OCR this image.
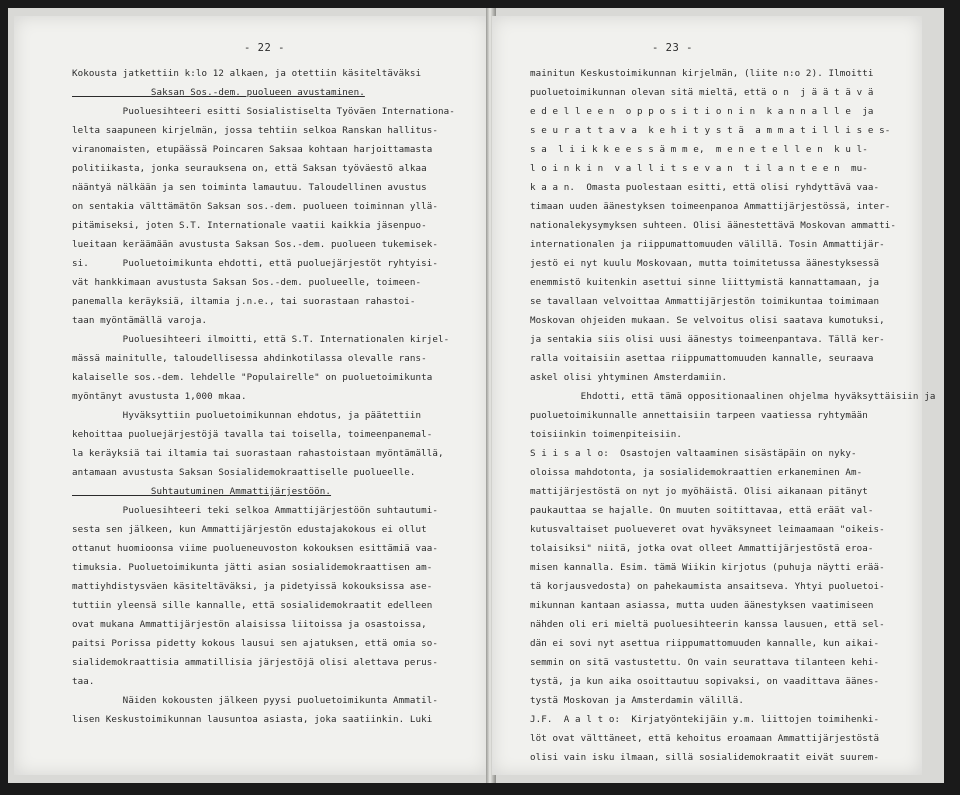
- 22 -
Kokousta jatkettiin k:lo 12 alkaen, ja otettiin käsiteltäväksi
Saksan Sos.-dem. puolueen avustaminen.
Puoluesihteeri esitti Sosialistiselta Työväen Internationa-
lelta saapuneen kirjelmän, jossa tehtiin selkoa Ranskan hallitus-
viranomaisten, etupäässä Poincaren Saksaa kohtaan harjoittamasta
politiikasta, jonka seurauksena on, että Saksan työväestö alkaa
nääntyä nälkään ja sen toiminta lamautuu. Taloudellinen avustus
on sentakia välttämätön Saksan sos.-dem. puolueen toiminnan yllä-
pitämiseksi, joten S.T. Internationale vaatii kaikkia jäsenpuo-
lueitaan keräämään avustusta Saksan Sos.-dem. puolueen tukemisek-
si.      Puoluetoimikunta ehdotti, että puoluejärjestöt ryhtyisi-
vät hankkimaan avustusta Saksan Sos.-dem. puolueelle, toimeen-
panemalla keräyksiä, iltamia j.n.e., tai suorastaan rahastoi-
taan myöntämällä varoja.
Puoluesihteeri ilmoitti, että S.T. Internationalen kirjel-
mässä mainitulle, taloudellisessa ahdinkotilassa olevalle rans-
kalaiselle sos.-dem. lehdelle "Populairelle" on puoluetoimikunta
myöntänyt avustusta 1,000 mkaa.
Hyväksyttiin puoluetoimikunnan ehdotus, ja päätettiin
kehoittaa puoluejärjestöjä tavalla tai toisella, toimeenpanemal-
la keräyksiä tai iltamia tai suorastaan rahastoistaan myöntämällä,
antamaan avustusta Saksan Sosialidemokraattiselle puolueelle.
Suhtautuminen Ammattijärjestöön.
Puoluesihteeri teki selkoa Ammattijärjestöön suhtautumi-
sesta sen jälkeen, kun Ammattijärjestön edustajakokous ei ollut
ottanut huomioonsa viime puolueneuvoston kokouksen esittämiä vaa-
timuksia. Puoluetoimikunta jätti asian sosialidemokraattisen am-
mattiyhdistysväen käsiteltäväksi, ja pidetyissä kokouksissa ase-
tuttiin yleensä sille kannalle, että sosialidemokraatit edelleen
ovat mukana Ammattijärjestön alaisissa liitoissa ja osastoissa,
paitsi Porissa pidetty kokous lausui sen ajatuksen, että omia so-
sialidemokraattisia ammatillisia järjestöjä olisi alettava perus-
taa.
Näiden kokousten jälkeen pyysi puoluetoimikunta Ammatil-
lisen Keskustoimikunnan lausuntoa asiasta, joka saatiinkin. Luki
- 23 -
mainitun Keskustoimikunnan kirjelmän, (liite n:o 2). Ilmoitti
puoluetoimikunnan olevan sitä mieltä, että o n  j ä ä t ä v ä
e d e l l e e n  o p p o s i t i o n i n  k a n n a l l e  ja
s e u r a t t a v a  k e h i t y s t ä  a m m a t i l l i s e s-
s a  l i i k k e e s s ä m m e,  m e n e t e l l e n  k u l-
l o i n k i n  v a l l i t s e v a n  t i l a n t e e n  mu-
k a a n.  Omasta puolestaan esitti, että olisi ryhdyttävä vaa-
timaan uuden äänestyksen toimeenpanoa Ammattijärjestössä, inter-
nationalekysymyksen suhteen. Olisi äänestettävä Moskovan ammatti-
internationalen ja riippumattomuuden välillä. Tosin Ammattijär-
jestö ei nyt kuulu Moskovaan, mutta toimitetussa äänestyksessä
enemmistö kuitenkin asettui sinne liittymistä kannattamaan, ja
se tavallaan velvoittaa Ammattijärjestön toimikuntaa toimimaan
Moskovan ohjeiden mukaan. Se velvoitus olisi saatava kumotuksi,
ja sentakia siis olisi uusi äänestys toimeenpantava. Tällä ker-
ralla voitaisiin asettaa riippumattomuuden kannalle, seuraava
askel olisi yhtyminen Amsterdamiin.
Ehdotti, että tämä oppositionaalinen ohjelma hyväksyttäisiin ja
puoluetoimikunnalle annettaisiin tarpeen vaatiessa ryhtymään
toisiinkin toimenpiteisiin.
S i i s a l o:  Osastojen valtaaminen sisästäpäin on nyky-
oloissa mahdotonta, ja sosialidemokraattien erkaneminen Am-
mattijärjestöstä on nyt jo myöhäistä. Olisi aikanaan pitänyt
paukauttaa se hajalle. On muuten soitittavaa, että eräät val-
kutusvaltaiset puolueveret ovat hyväksyneet leimaamaan "oikeis-
tolaisiksi" niitä, jotka ovat olleet Ammattijärjestöstä eroa-
misen kannalla. Esim. tämä Wiikin kirjotus (puhuja näytti erää-
tä korjausvedosta) on pahekaumista ansaitseva. Yhtyi puoluetoi-
mikunnan kantaan asiassa, mutta uuden äänestyksen vaatimiseen
nähden oli eri mieltä puoluesihteerin kanssa lausuen, että sel-
dän ei sovi nyt asettua riippumattomuuden kannalle, kun aikai-
semmin on sitä vastustettu. On vain seurattava tilanteen kehi-
tystä, ja kun aika osoittautuu sopivaksi, on vaadittava äänes-
tystä Moskovan ja Amsterdamin välillä.
J.F.  A a l t o:  Kirjatyöntekijäin y.m. liittojen toimihenki-
löt ovat välttäneet, että kehoitus eroamaan Ammattijärjestöstä
olisi vain isku ilmaan, sillä sosialidemokraatit eivät suurem-
